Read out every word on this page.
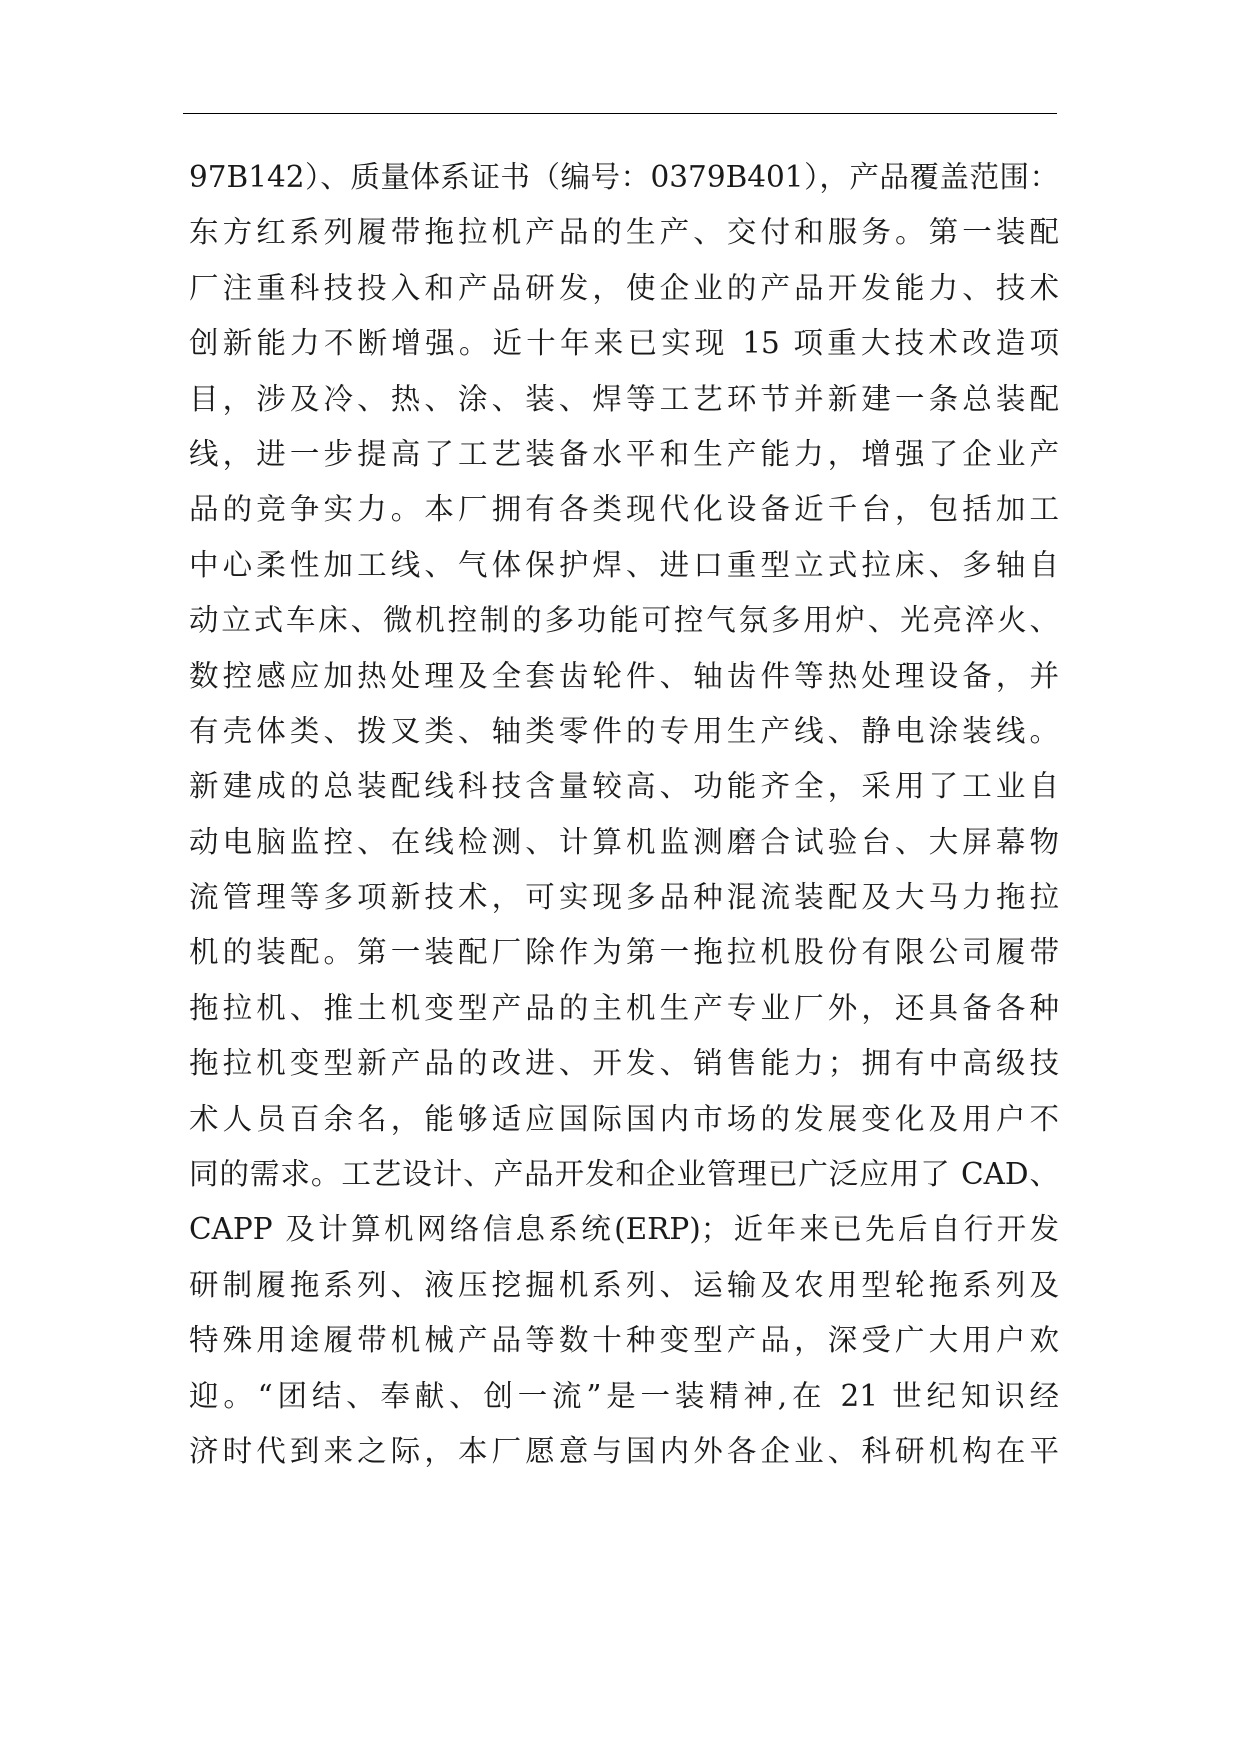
97B142）、质量体系证书（编号：0379B401），产品覆盖范围：
东方红系列履带拖拉机产品的生产、交付和服务。第一装配
厂注重科技投入和产品研发，使企业的产品开发能力、技术
创新能力不断增强。近十年来已实现 15 项重大技术改造项
目，涉及冷、热、涂、装、焊等工艺环节并新建一条总装配
线，进一步提高了工艺装备水平和生产能力，增强了企业产
品的竞争实力。本厂拥有各类现代化设备近千台，包括加工
中心柔性加工线、气体保护焊、进口重型立式拉床、多轴自
动立式车床、微机控制的多功能可控气氛多用炉、光亮淬火、
数控感应加热处理及全套齿轮件、轴齿件等热处理设备，并
有壳体类、拨叉类、轴类零件的专用生产线、静电涂装线。
新建成的总装配线科技含量较高、功能齐全，采用了工业自
动电脑监控、在线检测、计算机监测磨合试验台、大屏幕物
流管理等多项新技术，可实现多品种混流装配及大马力拖拉
机的装配。第一装配厂除作为第一拖拉机股份有限公司履带
拖拉机、推土机变型产品的主机生产专业厂外，还具备各种
拖拉机变型新产品的改进、开发、销售能力；拥有中高级技
术人员百余名，能够适应国际国内市场的发展变化及用户不
同的需求。工艺设计、产品开发和企业管理已广泛应用了 CAD、
CAPP 及计算机网络信息系统(ERP)；近年来已先后自行开发
研制履拖系列、液压挖掘机系列、运输及农用型轮拖系列及
特殊用途履带机械产品等数十种变型产品，深受广大用户欢
迎。“团结、奉献、创一流”是一装精神,在 21 世纪知识经
济时代到来之际，本厂愿意与国内外各企业、科研机构在平
